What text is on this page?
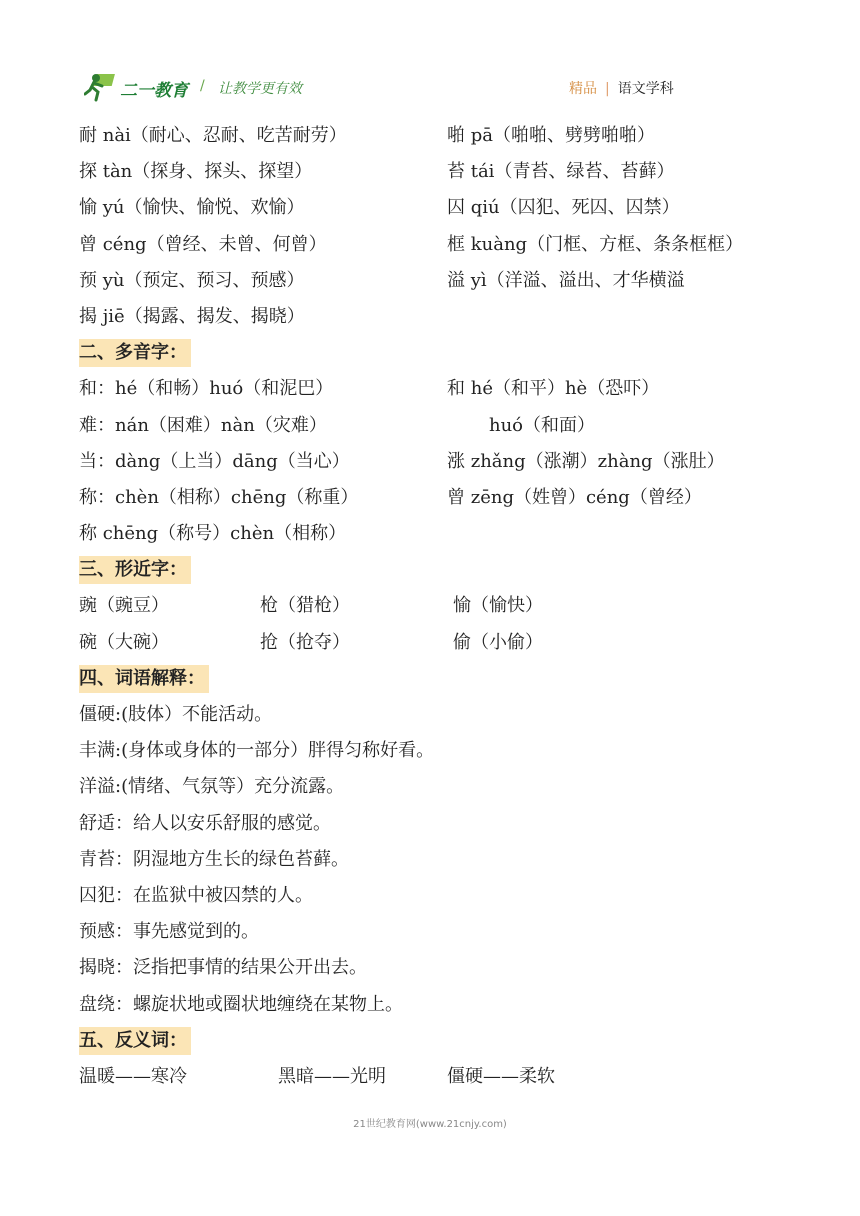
二一教育 / 让教学更有效	精品 | 语文学科
耐 nài（耐心、忍耐、吃苦耐劳）	啪 pā（啪啪、劈劈啪啪）
探 tàn（探身、探头、探望）	苔 tái（青苔、绿苔、苔藓）
愉 yú（愉快、愉悦、欢愉）	囚 qiú（囚犯、死囚、囚禁）
曾 céng（曾经、未曾、何曾）	框 kuàng（门框、方框、条条框框）
预 yù（预定、预习、预感）	溢 yì（洋溢、溢出、才华横溢
揭 jiē（揭露、揭发、揭晓）
二、多音字：
和：hé（和畅）huó（和泥巴）	和 hé（和平）hè（恐吓）
难：nán（困难）nàn（灾难）	huó（和面）
当：dàng（上当）dāng（当心）	涨 zhǎng（涨潮）zhàng（涨肚）
称：chèn（相称）chēng（称重）	曾 zēng（姓曾）céng（曾经）
称 chēng（称号）chèn（相称）
三、形近字：
豌（豌豆）	枪（猎枪）	愉（愉快）
碗（大碗）	抢（抢夺）	偷（小偷）
四、词语解释：
僵硬:(肢体）不能活动。
丰满:(身体或身体的一部分）胖得匀称好看。
洋溢:(情绪、气氛等）充分流露。
舒适：给人以安乐舒服的感觉。
青苔：阴湿地方生长的绿色苔藓。
囚犯：在监狱中被囚禁的人。
预感：事先感觉到的。
揭晓：泛指把事情的结果公开出去。
盘绕：螺旋状地或圈状地缠绕在某物上。
五、反义词：
温暖——寒冷	黑暗——光明	僵硬——柔软
21世纪教育网(www.21cnjy.com)
